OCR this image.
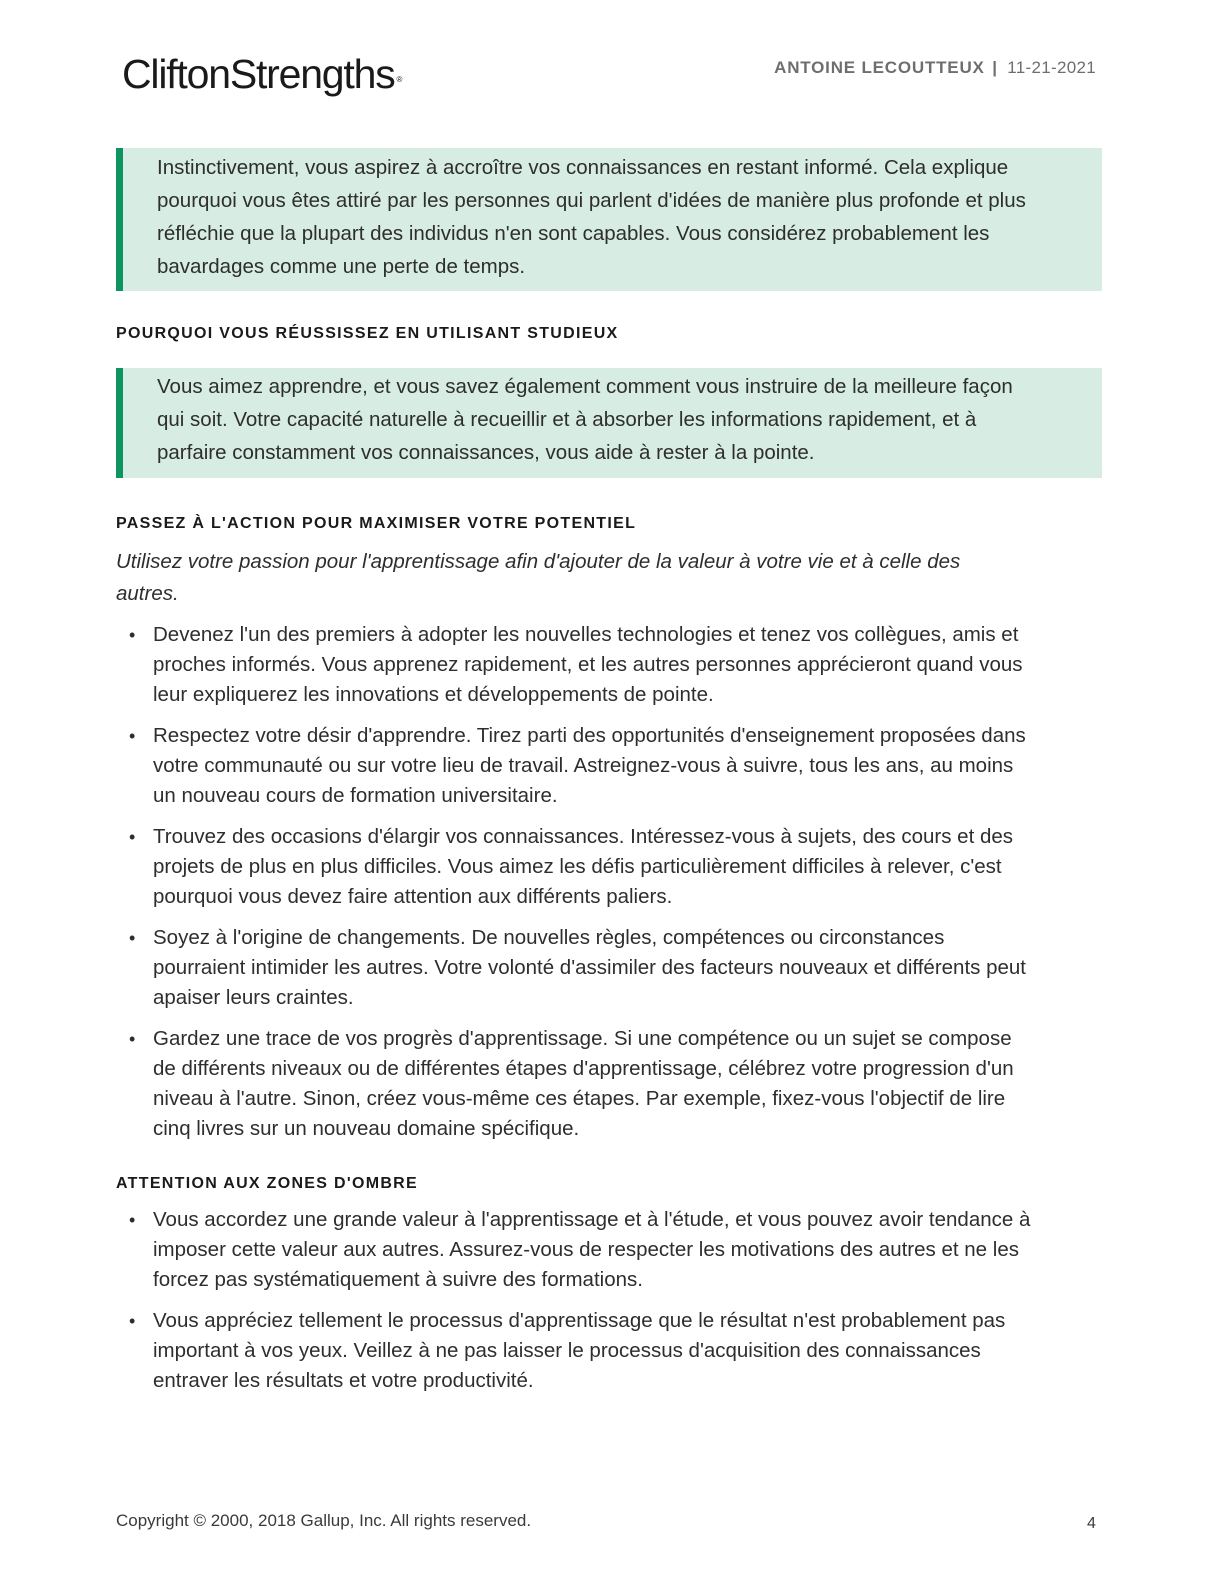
CliftonStrengths ®
ANTOINE LECOUTTEUX | 11-21-2021
Instinctivement, vous aspirez à accroître vos connaissances en restant informé. Cela explique pourquoi vous êtes attiré par les personnes qui parlent d'idées de manière plus profonde et plus réfléchie que la plupart des individus n'en sont capables. Vous considérez probablement les bavardages comme une perte de temps.
POURQUOI VOUS RÉUSSISSEZ EN UTILISANT STUDIEUX
Vous aimez apprendre, et vous savez également comment vous instruire de la meilleure façon qui soit. Votre capacité naturelle à recueillir et à absorber les informations rapidement, et à parfaire constamment vos connaissances, vous aide à rester à la pointe.
PASSEZ À L'ACTION POUR MAXIMISER VOTRE POTENTIEL

Utilisez votre passion pour l'apprentissage afin d'ajouter de la valeur à votre vie et à celle des autres.

• Devenez l'un des premiers à adopter les nouvelles technologies et tenez vos collègues, amis et proches informés. Vous apprenez rapidement, et les autres personnes apprécieront quand vous leur expliquerez les innovations et développements de pointe.
• Respectez votre désir d'apprendre. Tirez parti des opportunités d'enseignement proposées dans votre communauté ou sur votre lieu de travail. Astreignez-vous à suivre, tous les ans, au moins un nouveau cours de formation universitaire.
• Trouvez des occasions d'élargir vos connaissances. Intéressez-vous à sujets, des cours et des projets de plus en plus difficiles. Vous aimez les défis particulièrement difficiles à relever, c'est pourquoi vous devez faire attention aux différents paliers.
• Soyez à l'origine de changements. De nouvelles règles, compétences ou circonstances pourraient intimider les autres. Votre volonté d'assimiler des facteurs nouveaux et différents peut apaiser leurs craintes.
• Gardez une trace de vos progrès d'apprentissage. Si une compétence ou un sujet se compose de différents niveaux ou de différentes étapes d'apprentissage, célébrez votre progression d'un niveau à l'autre. Sinon, créez vous-même ces étapes. Par exemple, fixez-vous l'objectif de lire cinq livres sur un nouveau domaine spécifique.
ATTENTION AUX ZONES D'OMBRE
• Vous accordez une grande valeur à l'apprentissage et à l'étude, et vous pouvez avoir tendance à imposer cette valeur aux autres. Assurez-vous de respecter les motivations des autres et ne les forcez pas systématiquement à suivre des formations.
• Vous appréciez tellement le processus d'apprentissage que le résultat n'est probablement pas important à vos yeux. Veillez à ne pas laisser le processus d'acquisition des connaissances entraver les résultats et votre productivité.
Copyright © 2000, 2018 Gallup, Inc. All rights reserved.	4
